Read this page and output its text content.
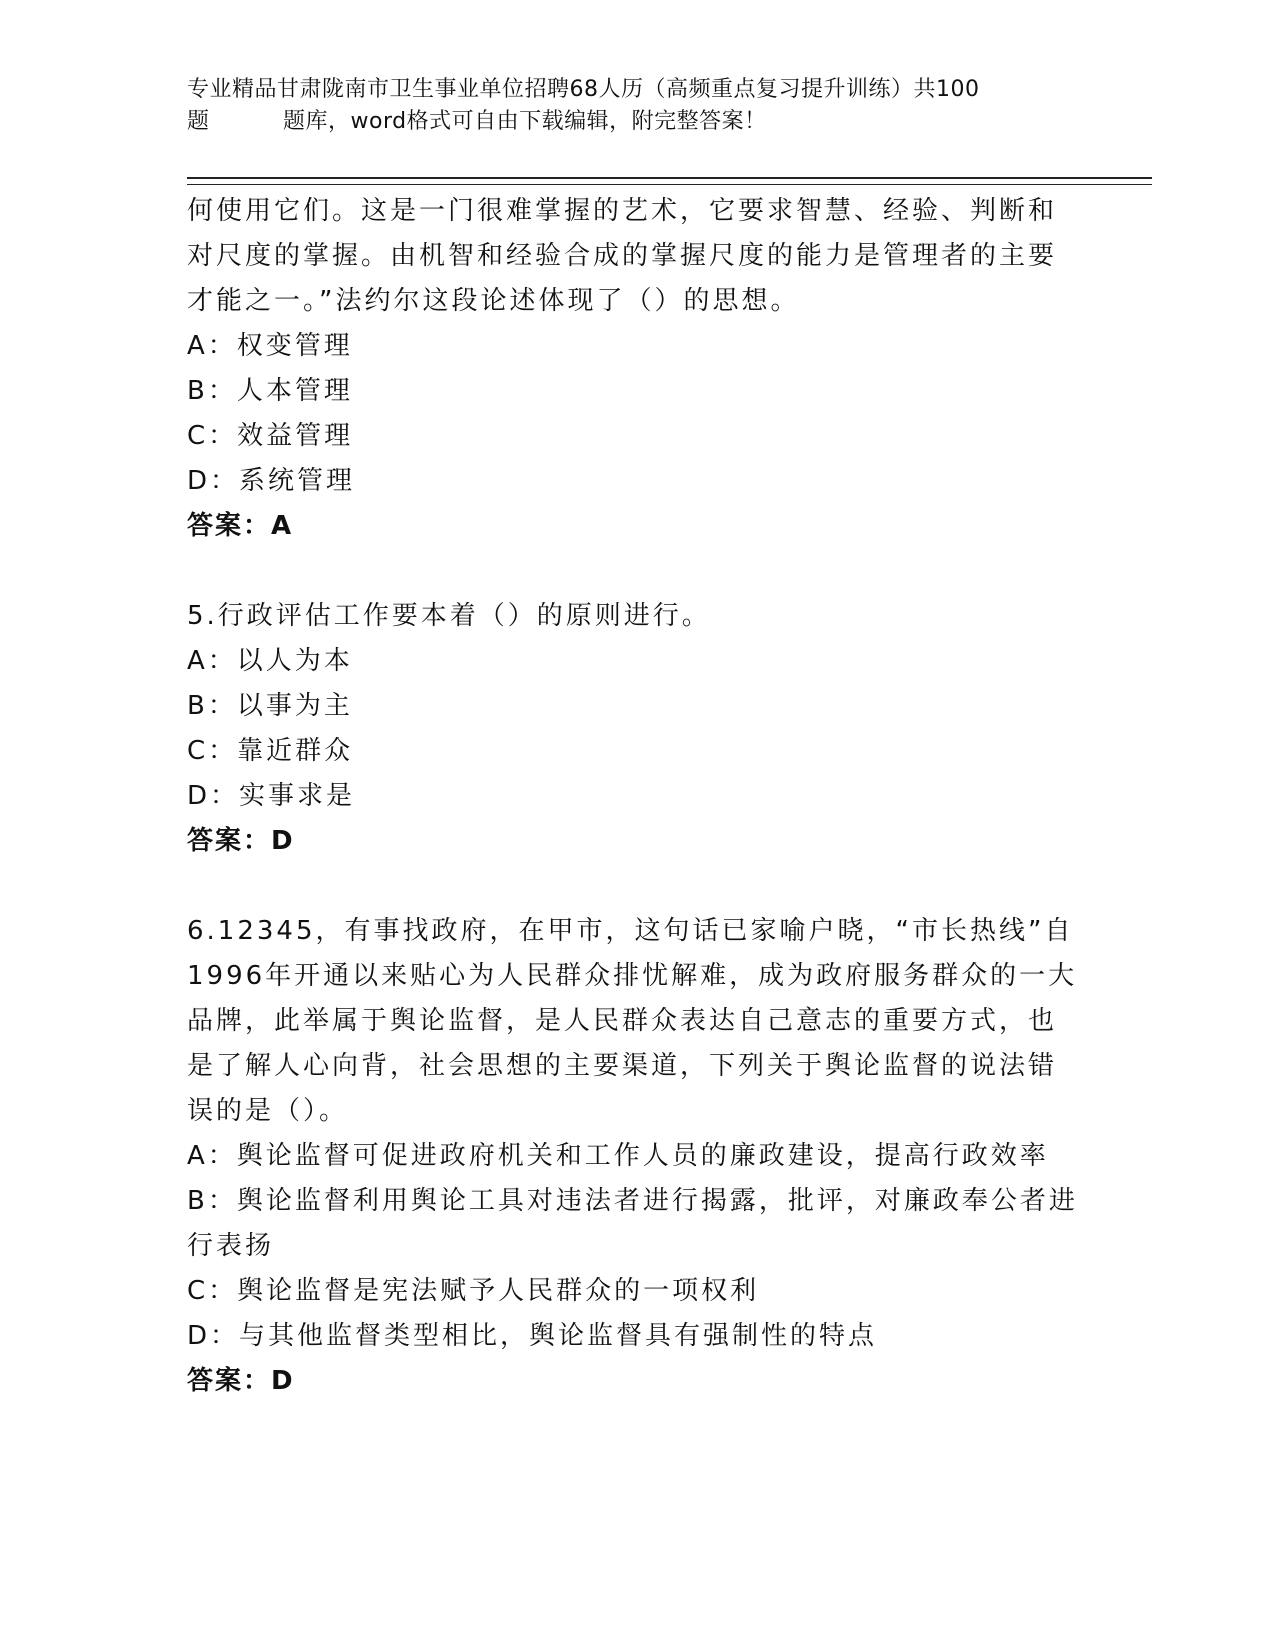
专业精品甘肃陇南市卫生事业单位招聘68人历（高频重点复习提升训练）共100
题	题库，word格式可自由下载编辑，附完整答案！

何使用它们。这是一门很难掌握的艺术，它要求智慧、经验、判断和

对尺度的掌握。由机智和经验合成的掌握尺度的能力是管理者的主要

才能之一。”法约尔这段论述体现了（）的思想。

A：权变管理

B：人本管理

C：效益管理

D：系统管理

答案：A

5.行政评估工作要本着（）的原则进行。

A：以人为本

B：以事为主

C：靠近群众

D：实事求是

答案：D

6.12345，有事找政府，在甲市，这句话已家喻户晓，“市长热线”自

1996年开通以来贴心为人民群众排忧解难，成为政府服务群众的一大

品牌，此举属于舆论监督，是人民群众表达自己意志的重要方式，也

是了解人心向背，社会思想的主要渠道，下列关于舆论监督的说法错

误的是（）。

A：舆论监督可促进政府机关和工作人员的廉政建设，提高行政效率

B：舆论监督利用舆论工具对违法者进行揭露，批评，对廉政奉公者进

行表扬

C：舆论监督是宪法赋予人民群众的一项权利

D：与其他监督类型相比，舆论监督具有强制性的特点

答案：D
